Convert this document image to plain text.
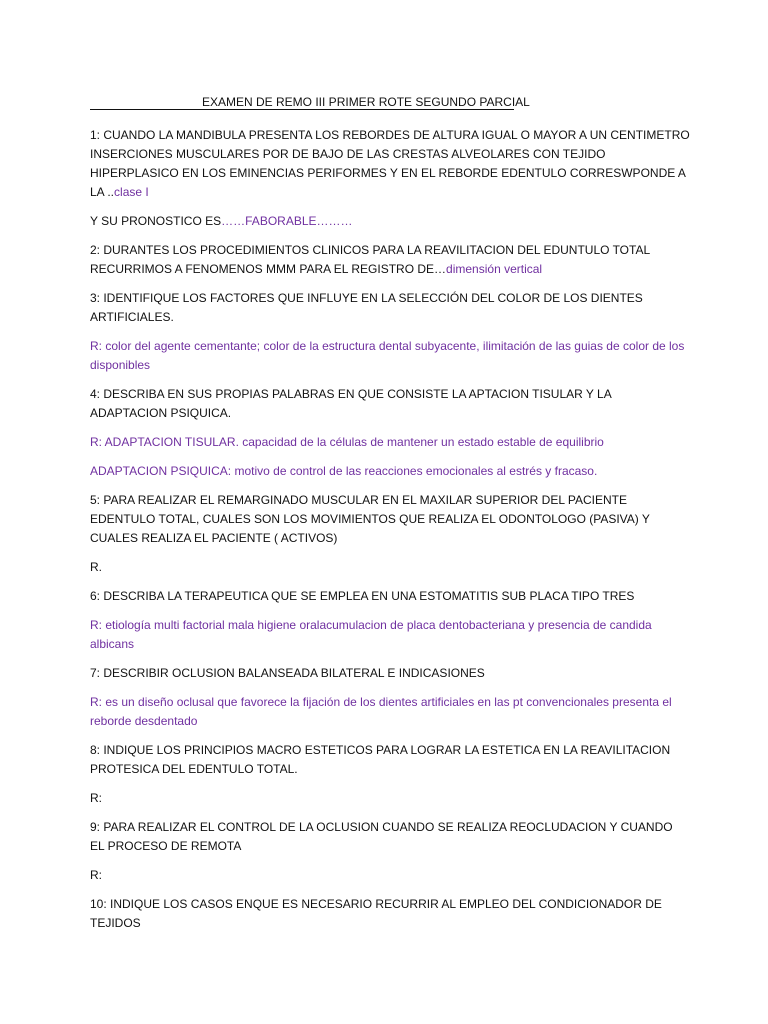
EXAMEN DE REMO III PRIMER ROTE SEGUNDO PARCIAL

1: CUANDO LA MANDIBULA PRESENTA LOS REBORDES DE ALTURA IGUAL O MAYOR A UN CENTIMETRO INSERCIONES MUSCULARES POR DE BAJO DE LAS CRESTAS ALVEOLARES CON TEJIDO HIPERPLASICO EN LOS EMINENCIAS PERIFORMES Y EN EL REBORDE EDENTULO CORRESWPONDE A LA ..clase I

Y SU PRONOSTICO ES……FABORABLE………

2: DURANTES LOS PROCEDIMIENTOS CLINICOS PARA LA REAVILITACION DEL EDUNTULO TOTAL RECURRIMOS A FENOMENOS MMM PARA EL REGISTRO DE…dimensión vertical

3: IDENTIFIQUE LOS FACTORES QUE INFLUYE EN LA SELECCIÓN DEL COLOR DE LOS DIENTES ARTIFICIALES.

R: color del agente cementante; color de la estructura dental subyacente, ilimitación de las guias de color de los disponibles

4: DESCRIBA EN SUS PROPIAS PALABRAS EN QUE CONSISTE LA APTACION TISULAR Y LA ADAPTACION PSIQUICA.

R: ADAPTACION TISULAR. capacidad de la células de mantener un estado estable de equilibrio

ADAPTACION PSIQUICA: motivo de control de las reacciones emocionales al estrés y fracaso.

5: PARA REALIZAR EL REMARGINADO MUSCULAR EN EL MAXILAR SUPERIOR DEL PACIENTE EDENTULO TOTAL, CUALES SON LOS MOVIMIENTOS QUE REALIZA EL ODONTOLOGO (PASIVA) Y CUALES REALIZA EL PACIENTE ( ACTIVOS)

R.

6: DESCRIBA LA TERAPEUTICA QUE SE EMPLEA EN UNA ESTOMATITIS SUB PLACA TIPO TRES

R: etiología multi factorial mala higiene oralacumulacion de placa dentobacteriana y presencia de candida albicans

7: DESCRIBIR OCLUSION BALANSEADA BILATERAL E INDICASIONES

R: es un diseño oclusal que favorece la fijación de los dientes artificiales en las pt convencionales presenta el reborde desdentado

8: INDIQUE LOS PRINCIPIOS MACRO ESTETICOS PARA LOGRAR LA ESTETICA EN LA REAVILITACION PROTESICA DEL EDENTULO TOTAL.

R:

9: PARA REALIZAR EL CONTROL DE LA OCLUSION CUANDO SE REALIZA REOCLUDACION Y CUANDO EL PROCESO DE REMOTA

R:

10: INDIQUE LOS CASOS ENQUE ES NECESARIO RECURRIR AL EMPLEO DEL CONDICIONADOR DE TEJIDOS
